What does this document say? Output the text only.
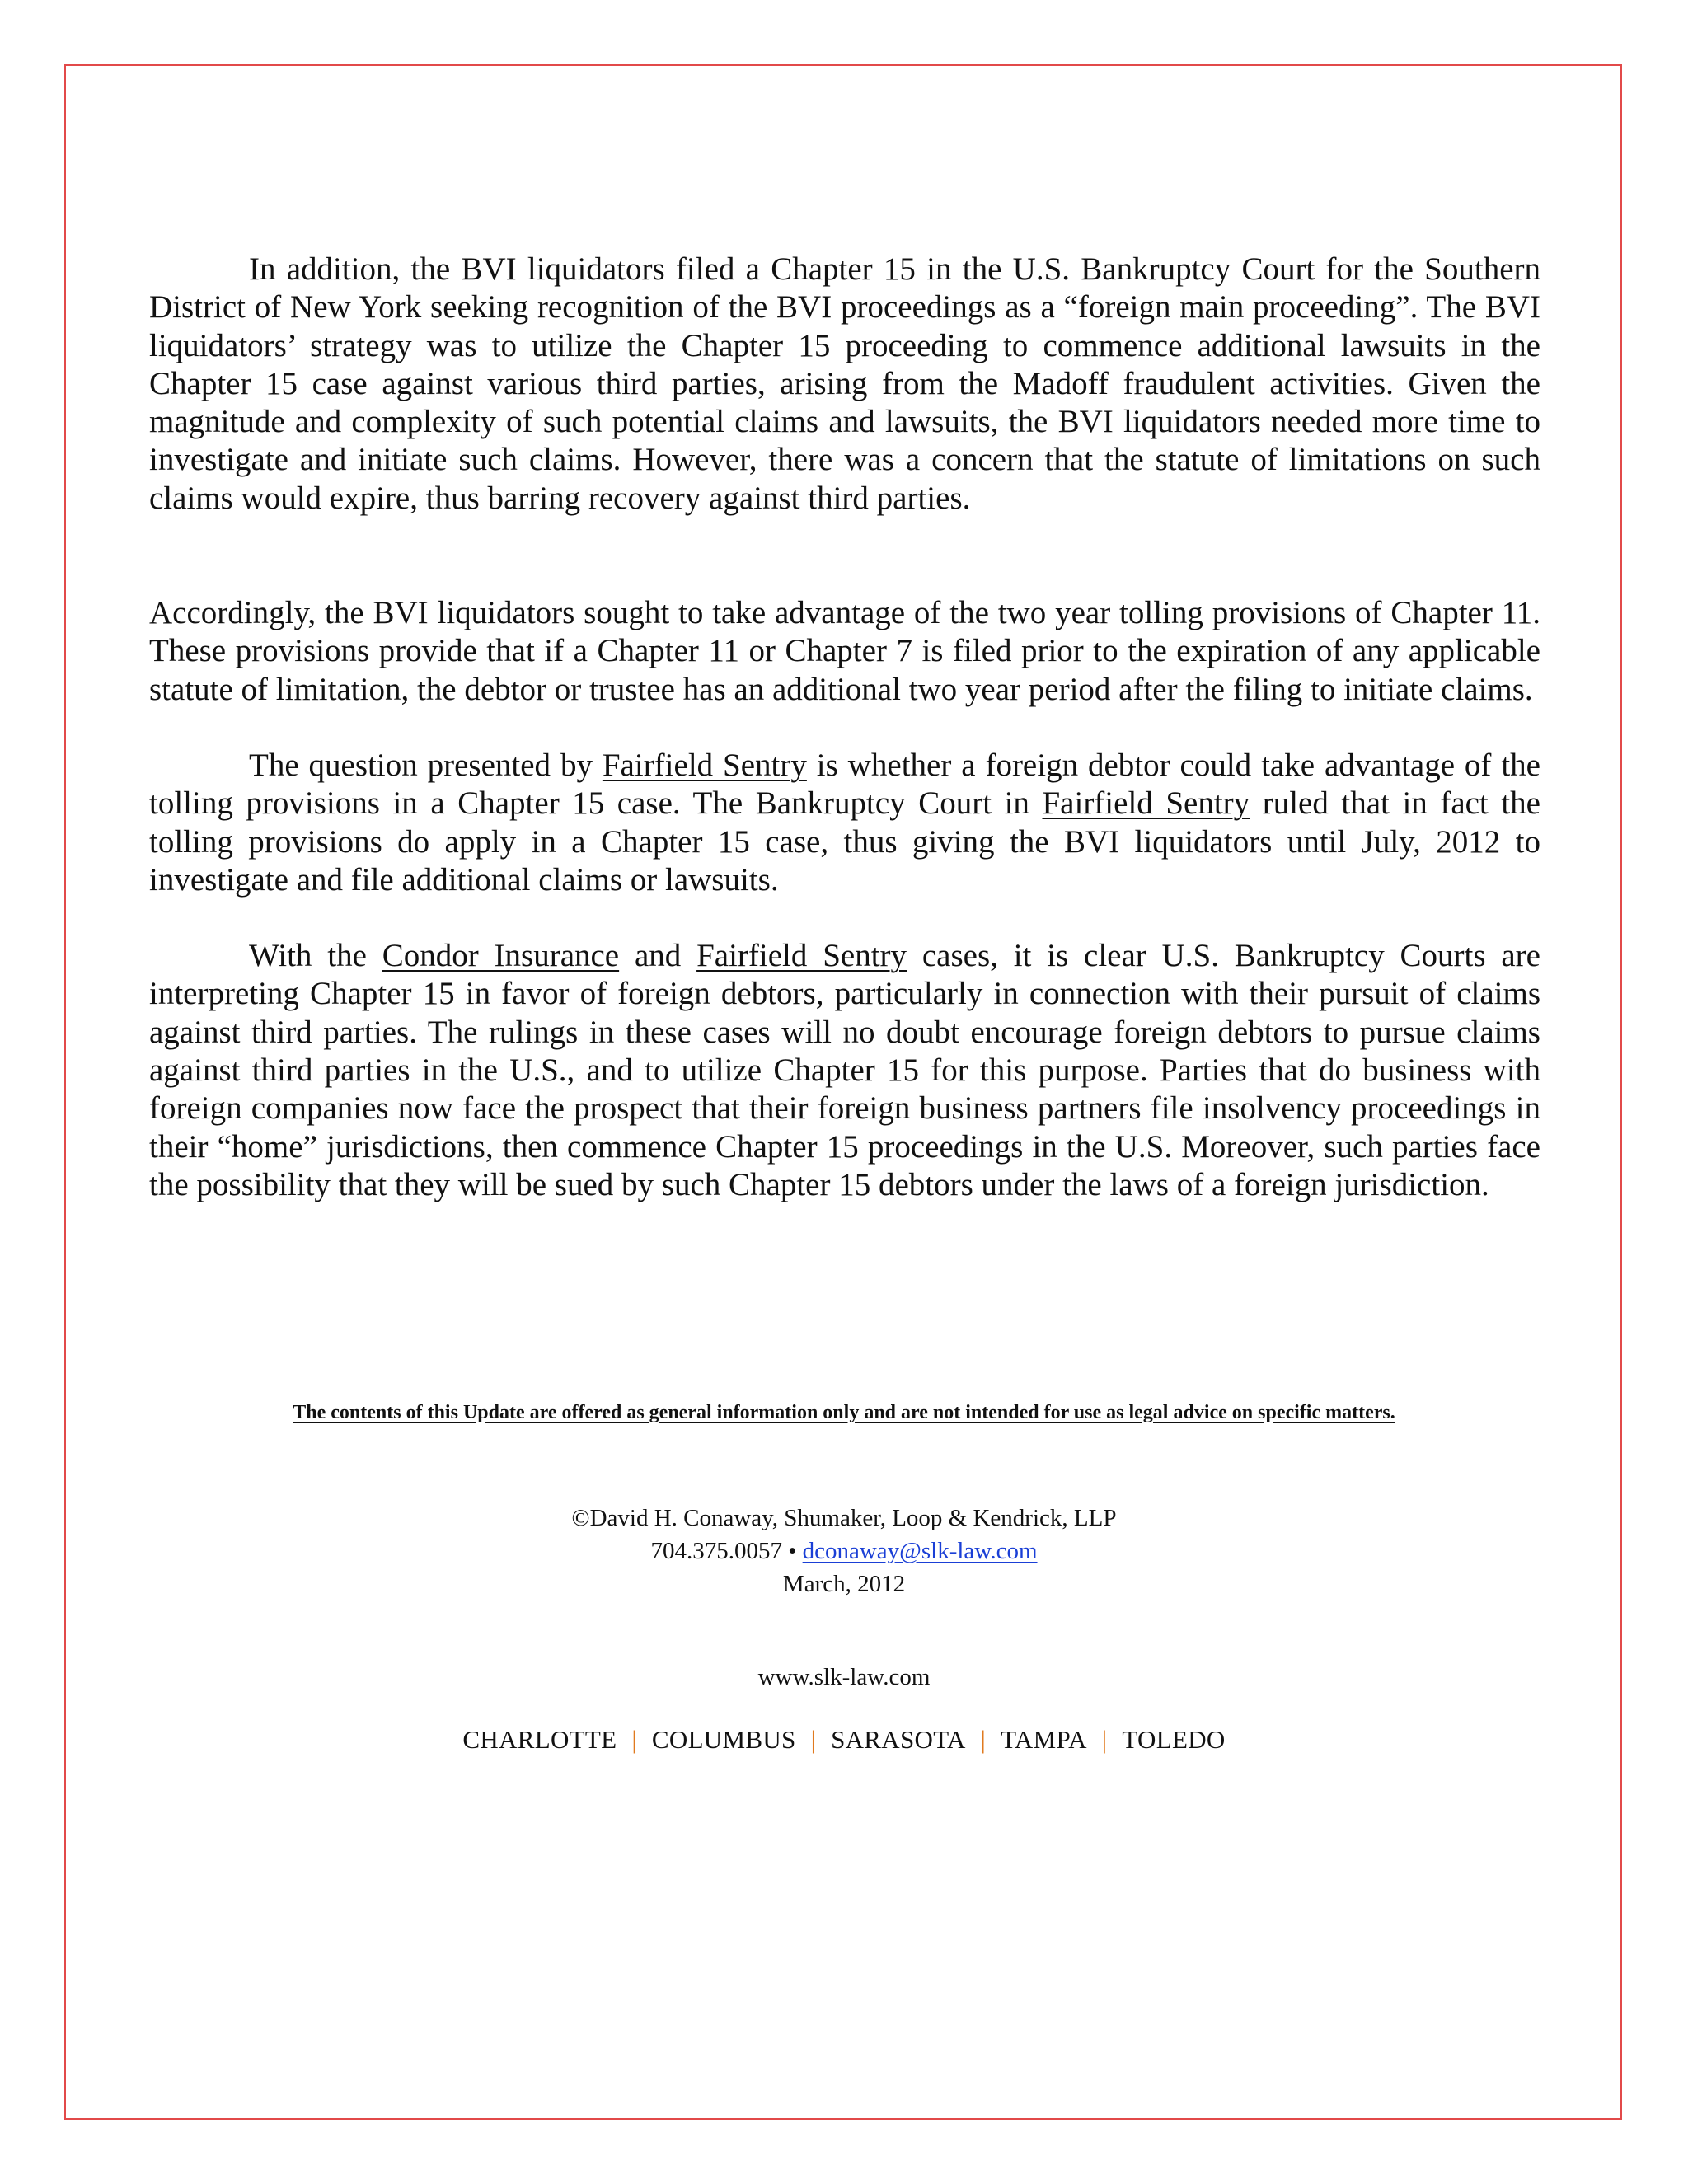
In addition, the BVI liquidators filed a Chapter 15 in the U.S. Bankruptcy Court for the Southern District of New York seeking recognition of the BVI proceedings as a “foreign main proceeding”. The BVI liquidators’ strategy was to utilize the Chapter 15 proceeding to commence additional lawsuits in the Chapter 15 case against various third parties, arising from the Madoff fraudulent activities. Given the magnitude and complexity of such potential claims and lawsuits, the BVI liquidators needed more time to investigate and initiate such claims. However, there was a concern that the statute of limitations on such claims would expire, thus barring recovery against third parties.

Accordingly, the BVI liquidators sought to take advantage of the two year tolling provisions of Chapter 11. These provisions provide that if a Chapter 11 or Chapter 7 is filed prior to the expiration of any applicable statute of limitation, the debtor or trustee has an additional two year period after the filing to initiate claims.

The question presented by Fairfield Sentry is whether a foreign debtor could take advantage of the tolling provisions in a Chapter 15 case. The Bankruptcy Court in Fairfield Sentry ruled that in fact the tolling provisions do apply in a Chapter 15 case, thus giving the BVI liquidators until July, 2012 to investigate and file additional claims or lawsuits.

With the Condor Insurance and Fairfield Sentry cases, it is clear U.S. Bankruptcy Courts are interpreting Chapter 15 in favor of foreign debtors, particularly in connection with their pursuit of claims against third parties. The rulings in these cases will no doubt encourage foreign debtors to pursue claims against third parties in the U.S., and to utilize Chapter 15 for this purpose. Parties that do business with foreign companies now face the prospect that their foreign business partners file insolvency proceedings in their “home” jurisdictions, then commence Chapter 15 proceedings in the U.S. Moreover, such parties face the possibility that they will be sued by such Chapter 15 debtors under the laws of a foreign jurisdiction.

The contents of this Update are offered as general information only and are not intended for use as legal advice on specific matters.
©David H. Conaway, Shumaker, Loop & Kendrick, LLP
704.375.0057 • dconaway@slk-law.com
March, 2012
www.slk-law.com
CHARLOTTE | COLUMBUS | SARASOTA | TAMPA | TOLEDO
